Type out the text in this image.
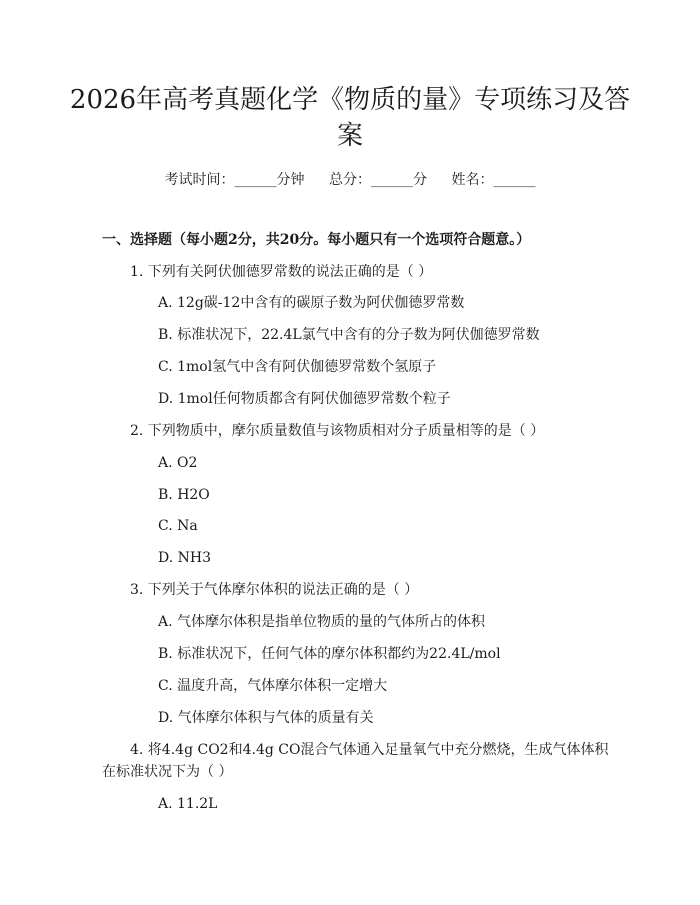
2026年高考真题化学《物质的量》专项练习及答案
考试时间：______分钟 总分：______分 姓名：______
一、选择题（每小题2分，共20分。每小题只有一个选项符合题意。）
1. 下列有关阿伏伽德罗常数的说法正确的是（ ）
A. 12g碳-12中含有的碳原子数为阿伏伽德罗常数
B. 标准状况下，22.4L氯气中含有的分子数为阿伏伽德罗常数
C. 1mol氢气中含有阿伏伽德罗常数个氢原子
D. 1mol任何物质都含有阿伏伽德罗常数个粒子
2. 下列物质中，摩尔质量数值与该物质相对分子质量相等的是（ ）
A. O2
B. H2O
C. Na
D. NH3
3. 下列关于气体摩尔体积的说法正确的是（ ）
A. 气体摩尔体积是指单位物质的量的气体所占的体积
B. 标准状况下，任何气体的摩尔体积都约为22.4L/mol
C. 温度升高，气体摩尔体积一定增大
D. 气体摩尔体积与气体的质量有关
4. 将4.4g CO2和4.4g CO混合气体通入足量氧气中充分燃烧，生成气体体积在标准状况下为（ ）
A. 11.2L
